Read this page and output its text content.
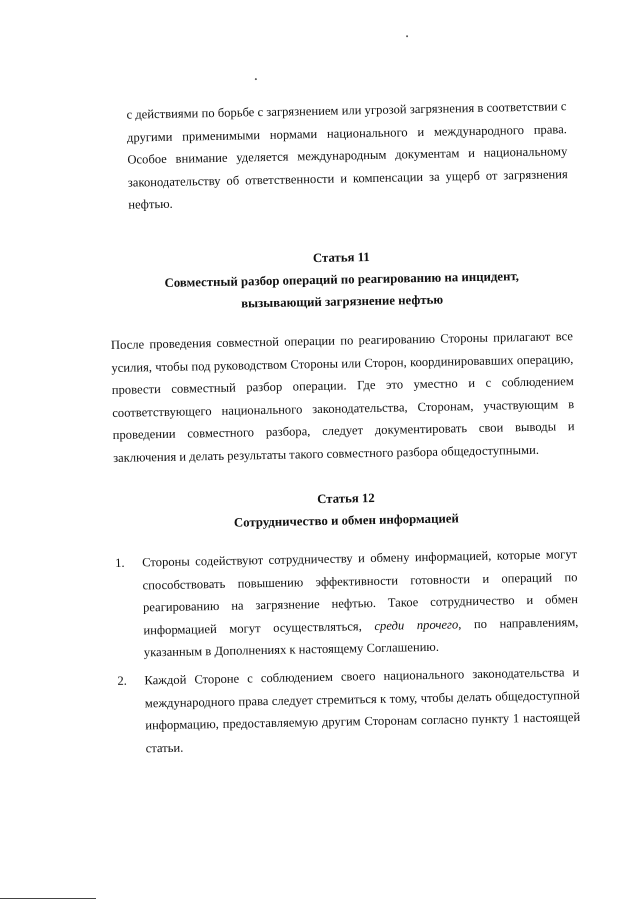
с действиями по борьбе с загрязнением или угрозой загрязнения в соответствии с другими применимыми нормами национального и международного права. Особое внимание уделяется международным документам и национальному законодательству об ответственности и компенсации за ущерб от загрязнения нефтью.
Статья 11
Совместный разбор операций по реагированию на инцидент,
вызывающий загрязнение нефтью
После проведения совместной операции по реагированию Стороны прилагают все усилия, чтобы под руководством Стороны или Сторон, координировавших операцию, провести совместный разбор операции. Где это уместно и с соблюдением соответствующего национального законодательства, Сторонам, участвующим в проведении совместного разбора, следует документировать свои выводы и заключения и делать результаты такого совместного разбора общедоступными.
Статья 12
Сотрудничество и обмен информацией
1.	Стороны содействуют сотрудничеству и обмену информацией, которые могут способствовать повышению эффективности готовности и операций по реагированию на загрязнение нефтью. Такое сотрудничество и обмен информацией могут осуществляться, среди прочего, по направлениям, указанным в Дополнениях к настоящему Соглашению.
2.	Каждой Стороне с соблюдением своего национального законодательства и международного права следует стремиться к тому, чтобы делать общедоступной информацию, предоставляемую другим Сторонам согласно пункту 1 настоящей статьи.
